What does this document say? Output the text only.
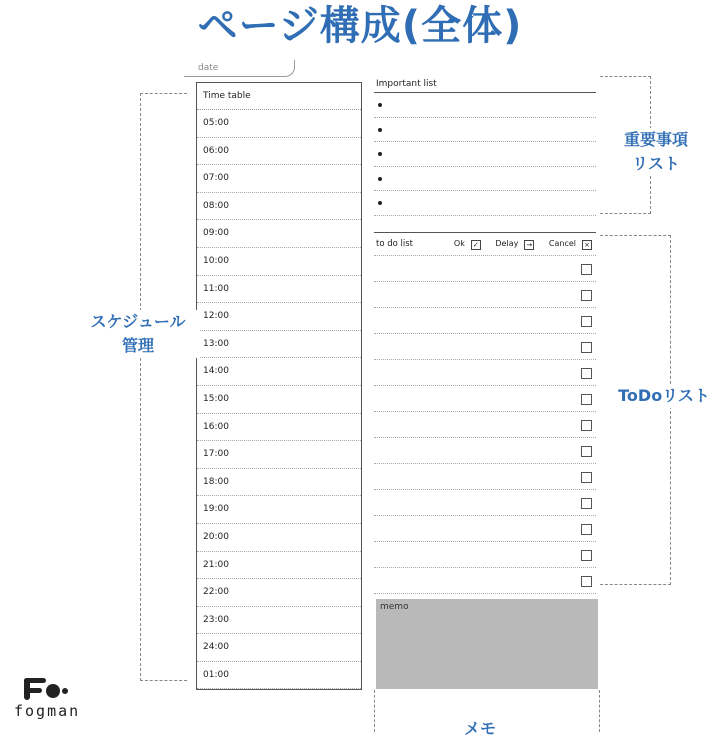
ページ構成(全体)
date
Time table
05:00
06:00
07:00
08:00
09:00
10:00
11:00
12:00
13:00
14:00
15:00
16:00
17:00
18:00
19:00
20:00
21:00
22:00
23:00
24:00
01:00
Important list
to do list	Ok ✓ Delay → Cancel ×
memo
重要事項
リスト
スケジュール
管理
ToDoリスト
メモ
fogman
